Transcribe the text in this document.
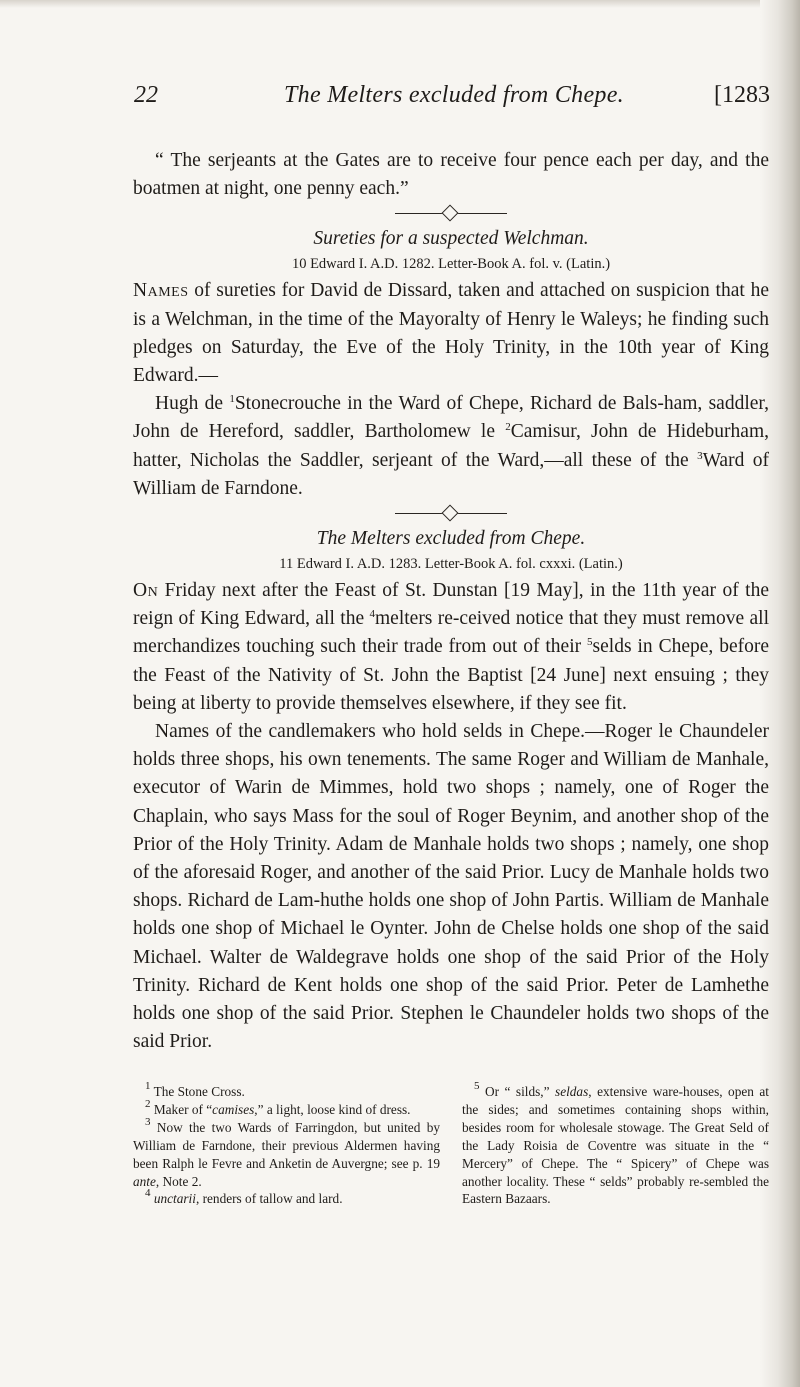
22	The Melters excluded from Chepe.	[1283

“ The serjeants at the Gates are to receive four pence each per day, and the boatmen at night, one penny each.”

Sureties for a suspected Welchman.
10 Edward I. A.D. 1282. Letter-Book A. fol. v. (Latin.)

Names of sureties for David de Dissard, taken and attached on suspicion that he is a Welchman, in the time of the Mayoralty of Henry le Waleys; he finding such pledges on Saturday, the Eve of the Holy Trinity, in the 10th year of King Edward.—

Hugh de $^1$Stonecrouche in the Ward of Chepe, Richard de Bals-ham, saddler, John de Hereford, saddler, Bartholomew le $^2$Camisur, John de Hideburham, hatter, Nicholas the Saddler, serjeant of the Ward,—all these of the $^3$Ward of William de Farndone.

The Melters excluded from Chepe.
11 Edward I. A.D. 1283. Letter-Book A. fol. cxxxi. (Latin.)

On Friday next after the Feast of St. Dunstan [19 May], in the 11th year of the reign of King Edward, all the $^4$melters re-ceived notice that they must remove all merchandizes touching such their trade from out of their $^5$selds in Chepe, before the Feast of the Nativity of St. John the Baptist [24 June] next ensuing ; they being at liberty to provide themselves elsewhere, if they see fit.

Names of the candlemakers who hold selds in Chepe.—Roger le Chaundeler holds three shops, his own tenements. The same Roger and William de Manhale, executor of Warin de Mimmes, hold two shops ; namely, one of Roger the Chaplain, who says Mass for the soul of Roger Beynim, and another shop of the Prior of the Holy Trinity. Adam de Manhale holds two shops ; namely, one shop of the aforesaid Roger, and another of the said Prior. Lucy de Manhale holds two shops. Richard de Lam-huthe holds one shop of John Partis. William de Manhale holds one shop of Michael le Oynter. John de Chelse holds one shop of the said Michael. Walter de Waldegrave holds one shop of the said Prior of the Holy Trinity. Richard de Kent holds one shop of the said Prior. Peter de Lamhethe holds one shop of the said Prior. Stephen le Chaundeler holds two shops of the said Prior.

$^1$ The Stone Cross.

$^2$ Maker of “camises,” a light, loose kind of dress.

$^3$ Now the two Wards of Farringdon, but united by William de Farndone, their previous Aldermen having been Ralph le Fevre and Anketin de Auvergne; see p. 19 ante, Note 2.

$^4$ unctarii, renders of tallow and lard.

$^5$ Or “ silds,” seldas, extensive ware-houses, open at the sides; and sometimes containing shops within, besides room for wholesale stowage. The Great Seld of the Lady Roisia de Coventre was situate in the “ Mercery” of Chepe. The “ Spicery” of Chepe was another locality. These “ selds” probably re-sembled the Eastern Bazaars.
